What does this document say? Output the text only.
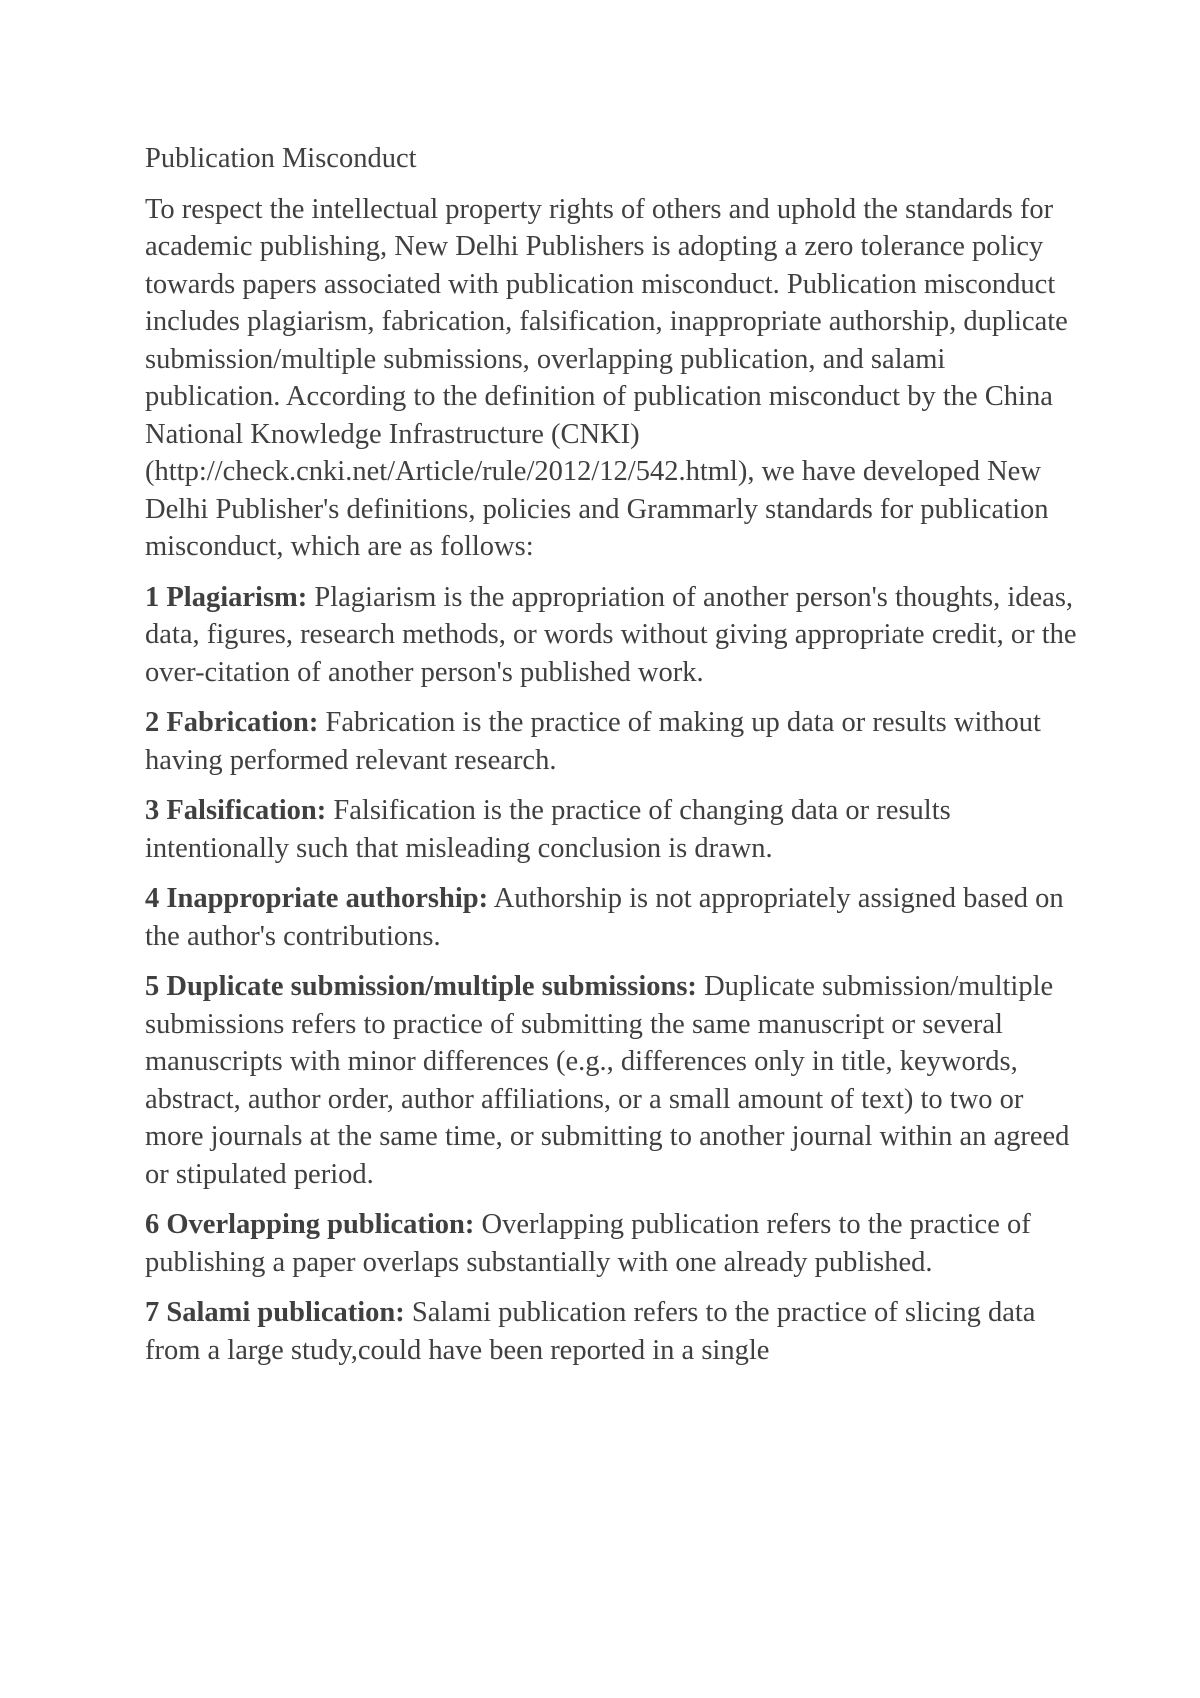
Publication Misconduct

To respect the intellectual property rights of others and uphold the standards for academic publishing, New Delhi Publishers is adopting a zero tolerance policy towards papers associated with publication misconduct. Publication misconduct includes plagiarism, fabrication, falsification, inappropriate authorship, duplicate submission/multiple submissions, overlapping publication, and salami publication. According to the definition of publication misconduct by the China National Knowledge Infrastructure (CNKI) (http://check.cnki.net/Article/rule/2012/12/542.html), we have developed New Delhi Publisher's definitions, policies and Grammarly standards for publication misconduct, which are as follows:

1 Plagiarism: Plagiarism is the appropriation of another person's thoughts, ideas, data, figures, research methods, or words without giving appropriate credit, or the over-citation of another person's published work.

2 Fabrication: Fabrication is the practice of making up data or results without having performed relevant research.

3 Falsification: Falsification is the practice of changing data or results intentionally such that misleading conclusion is drawn.

4 Inappropriate authorship: Authorship is not appropriately assigned based on the author's contributions.

5 Duplicate submission/multiple submissions: Duplicate submission/multiple submissions refers to practice of submitting the same manuscript or several manuscripts with minor differences (e.g., differences only in title, keywords, abstract, author order, author affiliations, or a small amount of text) to two or more journals at the same time, or submitting to another journal within an agreed or stipulated period.

6 Overlapping publication: Overlapping publication refers to the practice of publishing a paper overlaps substantially with one already published.

7 Salami publication: Salami publication refers to the practice of slicing data from a large study,could have been reported in a single
